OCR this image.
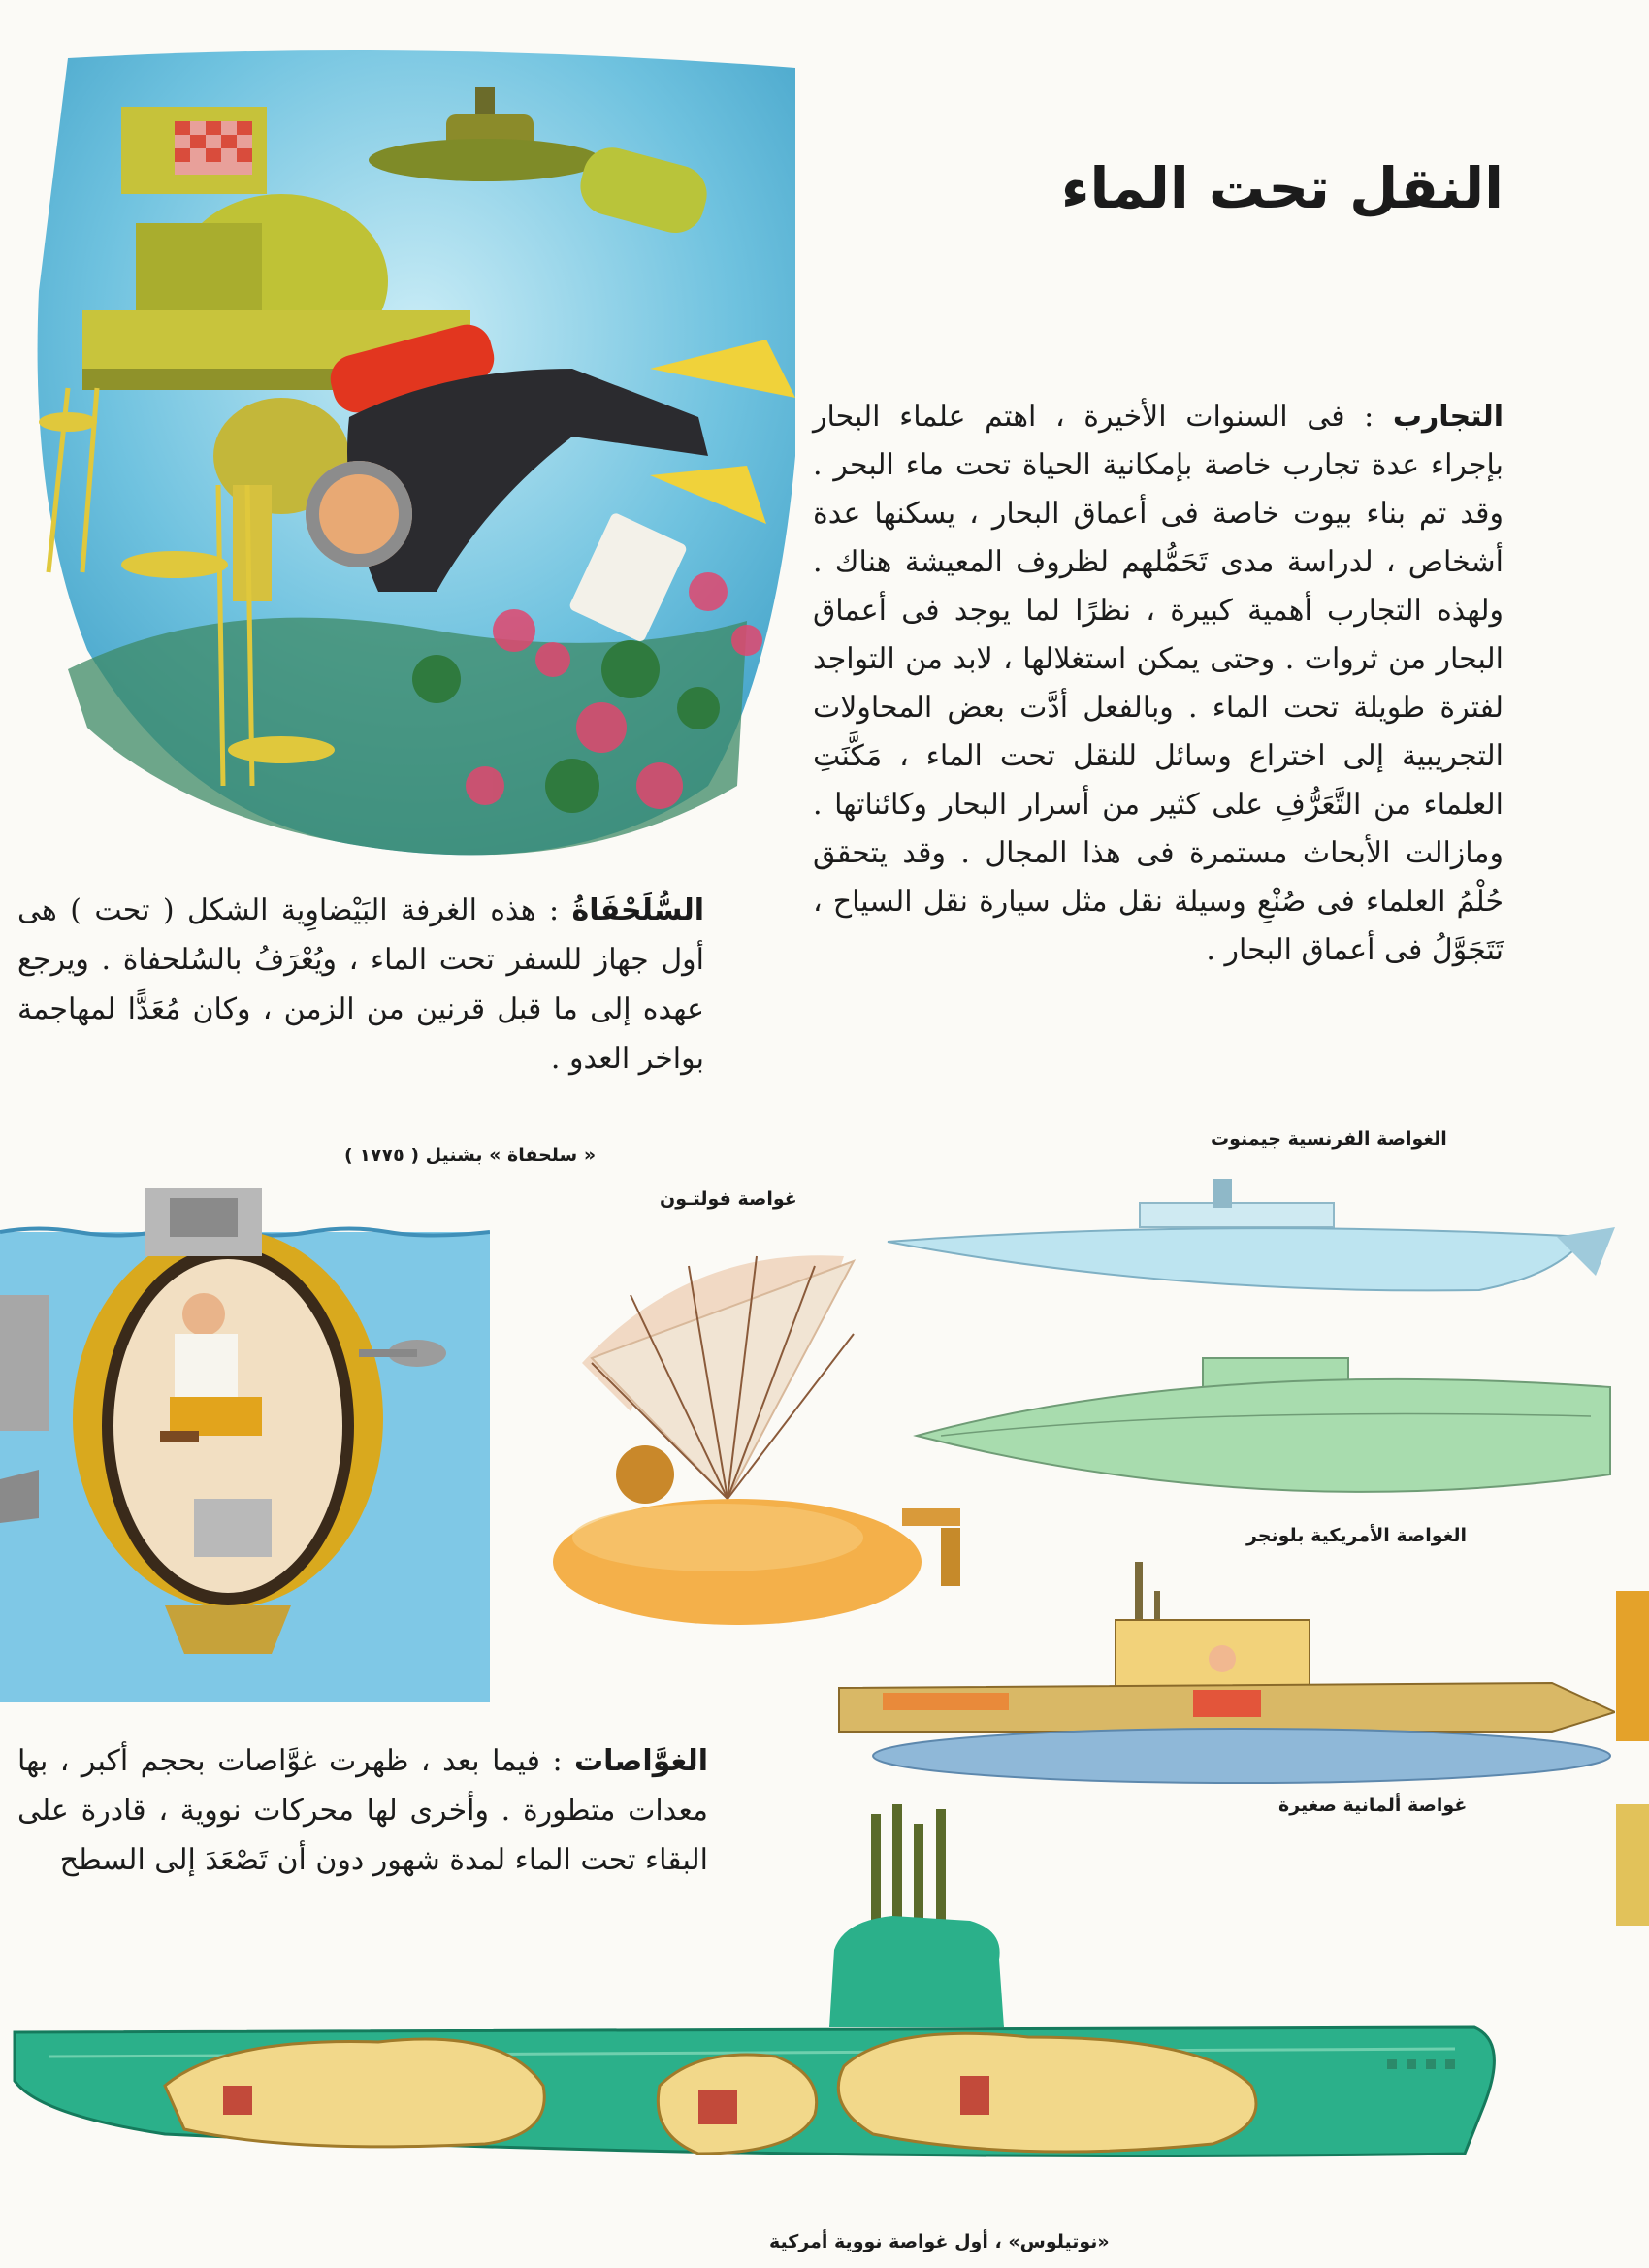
النقل تحت الماء
التجارب : فى السنوات الأخيرة ، اهتم علماء البحار بإجراء عدة تجارب خاصة بإمكانية الحياة تحت ماء البحر . وقد تم بناء بيوت خاصة فى أعماق البحار ، يسكنها عدة أشخاص ، لدراسة مدى تَحَمُّلهم لظروف المعيشة هناك . ولهذه التجارب أهمية كبيرة ، نظرًا لما يوجد فى أعماق البحار من ثروات . وحتى يمكن استغلالها ، لابد من التواجد لفترة طويلة تحت الماء . وبالفعل أدَّت بعض المحاولات التجريبية إلى اختراع وسائل للنقل تحت الماء ، مَكَّنَتِ العلماء من التَّعَرُّفِ على كثير من أسرار البحار وكائناتها . ومازالت الأبحاث مستمرة فى هذا المجال . وقد يتحقق حُلْمُ العلماء فى صُنْعِ وسيلة نقل مثل سيارة نقل السياح ، تَتَجَوَّلُ فى أعماق البحار .
السُّلَحْفَاةُ : هذه الغرفة البَيْضاوِية الشكل ( تحت ) هى أول جهاز للسفر تحت الماء ، ويُعْرَفُ بالسُلحفاة . ويرجع عهده إلى ما قبل قرنين من الزمن ، وكان مُعَدًّا لمهاجمة بواخر العدو .
« سلحفاة » بشنيل ( ١٧٧٥ )
غواصة فولتـون
الغواصة الفرنسية جيمنوت
الغواصة الأمريكية بلونجر
غواصة ألمانية صغيرة
«نوتيلوس» ، أول غواصة نووية أمركية
الغوَّاصات : فيما بعد ، ظهرت غوَّاصات بحجم أكبر ، بها معدات متطورة . وأخرى لها محركات نووية ، قادرة على البقاء تحت الماء لمدة شهور دون أن تَصْعَدَ إلى السطح
